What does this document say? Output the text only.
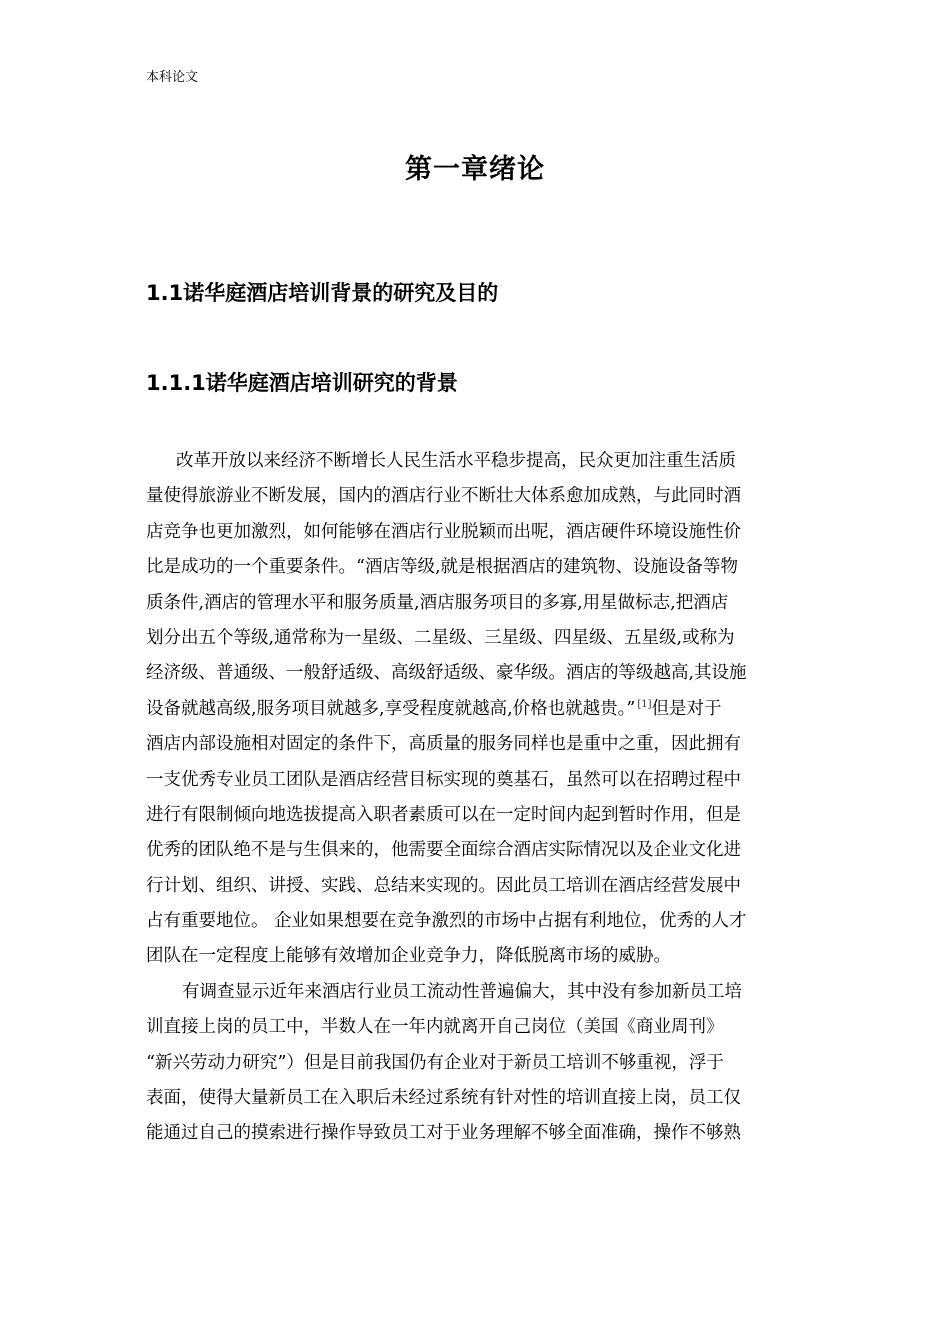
本科论文
第一章绪论
1.1诺华庭酒店培训背景的研究及目的
1.1.1诺华庭酒店培训研究的背景
改革开放以来经济不断增长人民生活水平稳步提高，民众更加注重生活质
量使得旅游业不断发展，国内的酒店行业不断壮大体系愈加成熟，与此同时酒
店竞争也更加激烈，如何能够在酒店行业脱颖而出呢，酒店硬件环境设施性价
比是成功的一个重要条件。“酒店等级,就是根据酒店的建筑物、设施设备等物
质条件,酒店的管理水平和服务质量,酒店服务项目的多寡,用星做标志,把酒店
划分出五个等级,通常称为一星级、二星级、三星级、四星级、五星级,或称为
经济级、普通级、一般舒适级、高级舒适级、豪华级。酒店的等级越高,其设施
设备就越高级,服务项目就越多,享受程度就越高,价格也就越贵。” [1]但是对于
酒店内部设施相对固定的条件下，高质量的服务同样也是重中之重，因此拥有
一支优秀专业员工团队是酒店经营目标实现的奠基石，虽然可以在招聘过程中
进行有限制倾向地选拔提高入职者素质可以在一定时间内起到暂时作用，但是
优秀的团队绝不是与生俱来的，他需要全面综合酒店实际情况以及企业文化进
行计划、组织、讲授、实践、总结来实现的。因此员工培训在酒店经营发展中
占有重要地位。 企业如果想要在竞争激烈的市场中占据有利地位，优秀的人才
团队在一定程度上能够有效增加企业竞争力，降低脱离市场的威胁。
有调查显示近年来酒店行业员工流动性普遍偏大，其中没有参加新员工培
训直接上岗的员工中，半数人在一年内就离开自己岗位（美国《商业周刊》
“新兴劳动力研究”）但是目前我国仍有企业对于新员工培训不够重视，浮于
表面，使得大量新员工在入职后未经过系统有针对性的培训直接上岗，员工仅
能通过自己的摸索进行操作导致员工对于业务理解不够全面准确，操作不够熟
